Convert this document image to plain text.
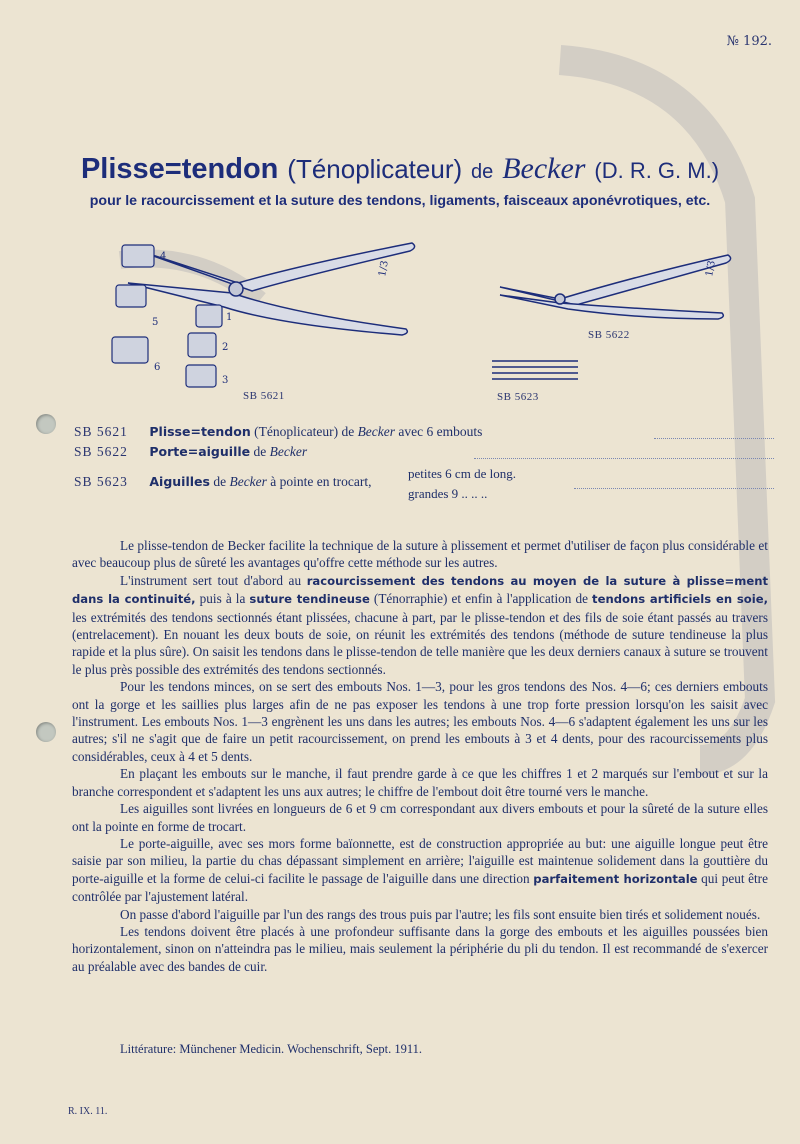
№ 192.
Plisse=tendon (Ténoplicateur) de Becker (D. R. G. M.)
pour le racourcissement et la suture des tendons, ligaments, faisceaux aponévrotiques, etc.
1/3
4
5	1
2
6
3
1/3
SB 5621
SB 5622
SB 5623
SB 5621 Plisse=tendon (Ténoplicateur) de Becker avec 6 embouts
SB 5622 Porte=aiguille de Becker
SB 5623 Aiguilles de Becker à pointe en trocart,
petites 6 cm de long.
grandes 9 .. .. ..

Le plisse-tendon de Becker facilite la technique de la suture à plissement et permet d'utiliser de façon plus considérable et avec beaucoup plus de sûreté les avantages qu'offre cette méthode sur les autres.

L'instrument sert tout d'abord au racourcissement des tendons au moyen de la suture à plisse=ment dans la continuité, puis à la suture tendineuse (Ténorraphie) et enfin à l'application de tendons artificiels en soie, les extrémités des tendons sectionnés étant plissées, chacune à part, par le plisse-tendon et des fils de soie étant passés au travers (entrelacement). En nouant les deux bouts de soie, on réunit les extrémités des tendons (méthode de suture tendineuse la plus rapide et la plus sûre). On saisit les tendons dans le plisse-tendon de telle manière que les deux derniers canaux à suture se trouvent le plus près possible des extrémités des tendons sectionnés.

Pour les tendons minces, on se sert des embouts Nos. 1—3, pour les gros tendons des Nos. 4—6; ces derniers embouts ont la gorge et les saillies plus larges afin de ne pas exposer les tendons à une trop forte pression lorsqu'on les saisit avec l'instrument. Les embouts Nos. 1—3 engrènent les uns dans les autres; les embouts Nos. 4—6 s'adaptent également les uns sur les autres; s'il ne s'agit que de faire un petit racourcissement, on prend les embouts à 3 et 4 dents, pour des racourcissements plus considérables, ceux à 4 et 5 dents.

En plaçant les embouts sur le manche, il faut prendre garde à ce que les chiffres 1 et 2 marqués sur l'embout et sur la branche correspondent et s'adaptent les uns aux autres; le chiffre de l'embout doit être tourné vers le manche.

Les aiguilles sont livrées en longueurs de 6 et 9 cm correspondant aux divers embouts et pour la sûreté de la suture elles ont la pointe en forme de trocart.

Le porte-aiguille, avec ses mors forme baïonnette, est de construction appropriée au but: une aiguille longue peut être saisie par son milieu, la partie du chas dépassant simplement en arrière; l'aiguille est maintenue solidement dans la gouttière du porte-aiguille et la forme de celui-ci facilite le passage de l'aiguille dans une direction parfaitement horizontale qui peut être contrôlée par l'ajustement latéral.

On passe d'abord l'aiguille par l'un des rangs des trous puis par l'autre; les fils sont ensuite bien tirés et solidement noués.

Les tendons doivent être placés à une profondeur suffisante dans la gorge des embouts et les aiguilles poussées bien horizontalement, sinon on n'atteindra pas le milieu, mais seulement la périphérie du pli du tendon. Il est recommandé de s'exercer au préalable avec des bandes de cuir.

Littérature: Münchener Medicin. Wochenschrift, Sept. 1911.
R. IX. 11.
